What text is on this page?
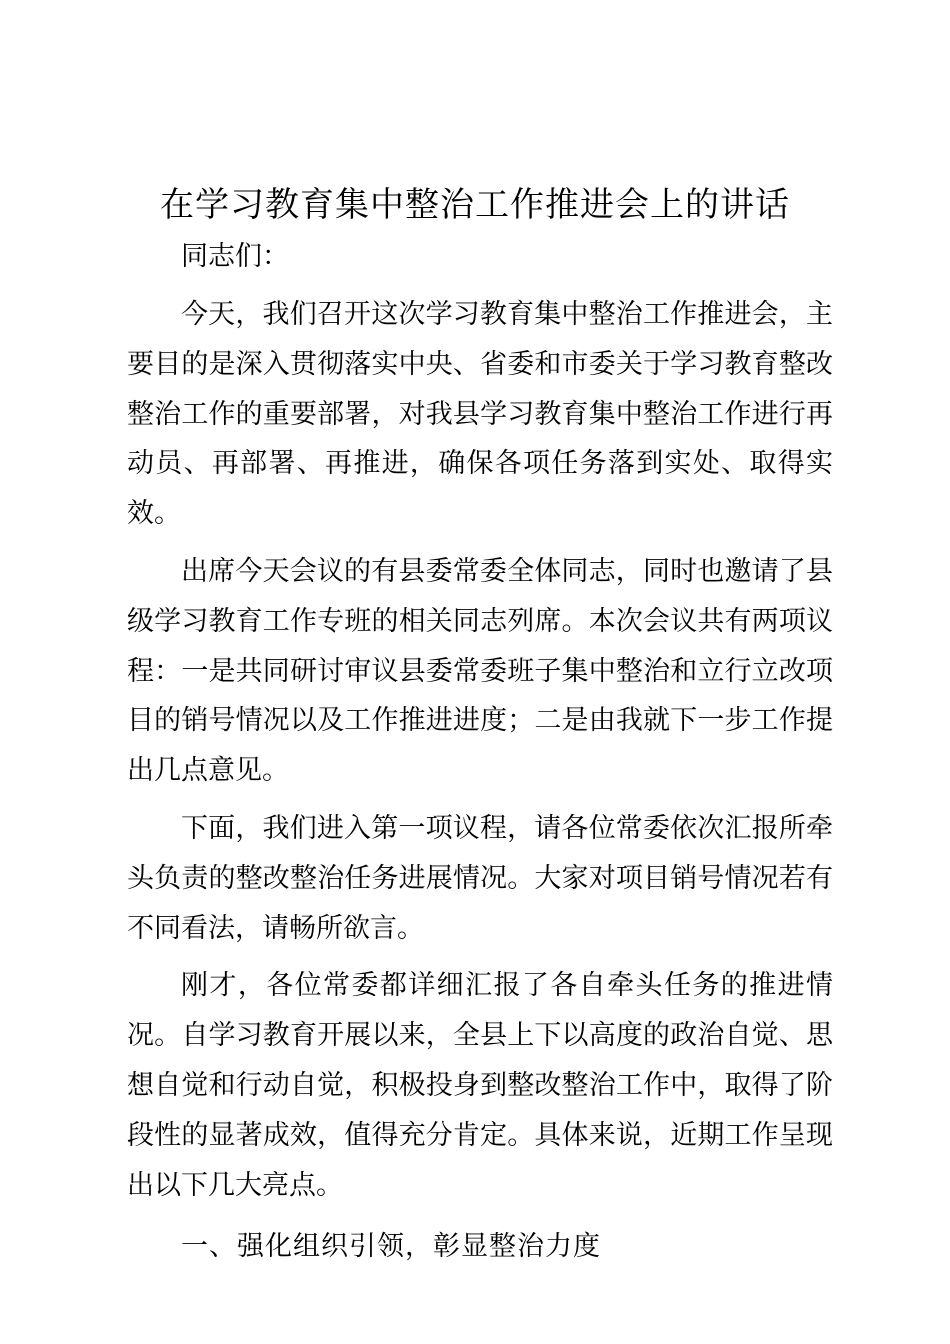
在学习教育集中整治工作推进会上的讲话

同志们：

今天，我们召开这次学习教育集中整治工作推进会，主要目的是深入贯彻落实中央、省委和市委关于学习教育整改整治工作的重要部署，对我县学习教育集中整治工作进行再动员、再部署、再推进，确保各项任务落到实处、取得实效。

出席今天会议的有县委常委全体同志，同时也邀请了县级学习教育工作专班的相关同志列席。本次会议共有两项议程：一是共同研讨审议县委常委班子集中整治和立行立改项目的销号情况以及工作推进进度；二是由我就下一步工作提出几点意见。

下面，我们进入第一项议程，请各位常委依次汇报所牵头负责的整改整治任务进展情况。大家对项目销号情况若有不同看法，请畅所欲言。

刚才，各位常委都详细汇报了各自牵头任务的推进情况。自学习教育开展以来，全县上下以高度的政治自觉、思想自觉和行动自觉，积极投身到整改整治工作中，取得了阶段性的显著成效，值得充分肯定。具体来说，近期工作呈现出以下几大亮点。

一、强化组织引领，彰显整治力度
